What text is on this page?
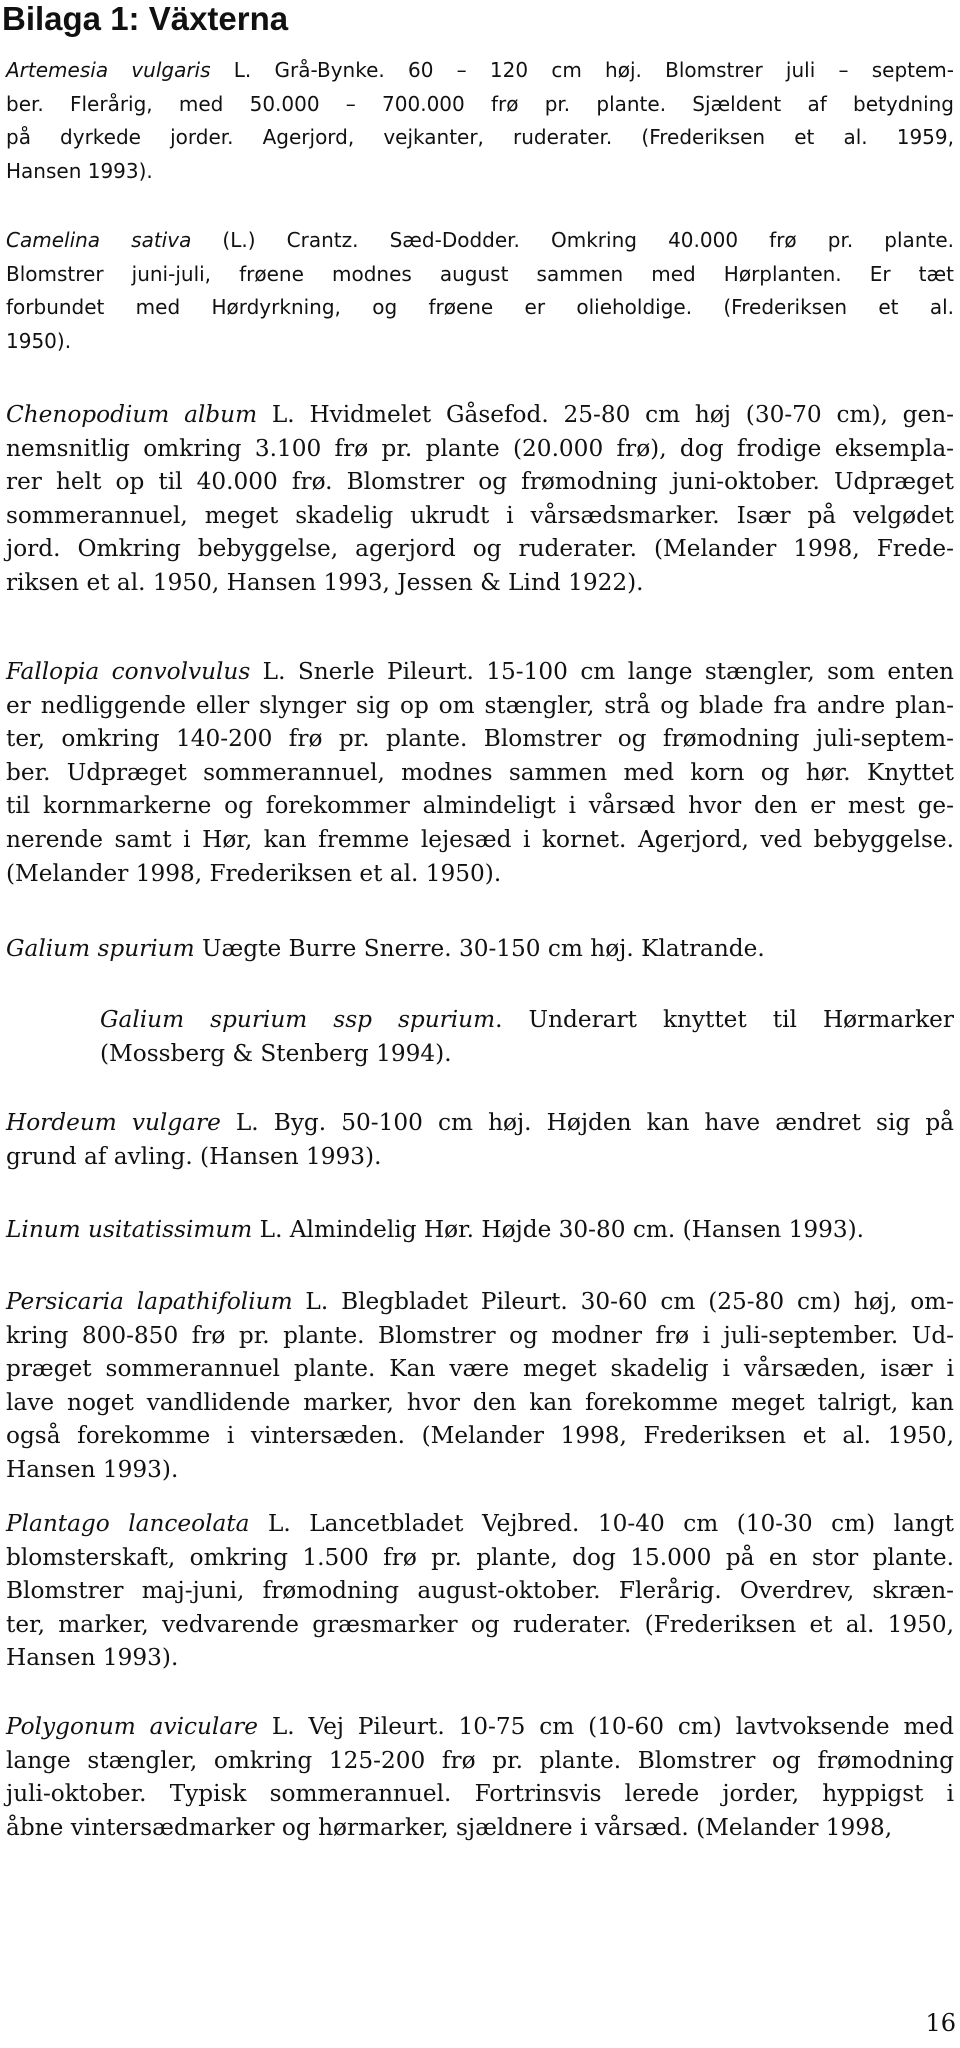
Bilaga 1: Växterna

Artemesia vulgaris L. Grå-Bynke. 60 – 120 cm høj. Blomstrer juli – septem-
ber. Flerårig, med 50.000 – 700.000 frø pr. plante. Sjældent af betydning
på dyrkede jorder. Agerjord, vejkanter, ruderater. (Frederiksen et al. 1959,
Hansen 1993).

Camelina sativa (L.) Crantz. Sæd-Dodder. Omkring 40.000 frø pr. plante.
Blomstrer juni-juli, frøene modnes august sammen med Hørplanten. Er tæt
forbundet med Hørdyrkning, og frøene er olieholdige. (Frederiksen et al.
1950).

Chenopodium album L. Hvidmelet Gåsefod. 25-80 cm høj (30-70 cm), gen-
nemsnitlig omkring 3.100 frø pr. plante (20.000 frø), dog frodige eksempla-
rer helt op til 40.000 frø. Blomstrer og frømodning juni-oktober. Udpræget
sommerannuel, meget skadelig ukrudt i vårsædsmarker. Især på velgødet
jord. Omkring bebyggelse, agerjord og ruderater. (Melander 1998, Frede-
riksen et al. 1950, Hansen 1993, Jessen & Lind 1922).

Fallopia convolvulus L. Snerle Pileurt. 15-100 cm lange stængler, som enten
er nedliggende eller slynger sig op om stængler, strå og blade fra andre plan-
ter, omkring 140-200 frø pr. plante. Blomstrer og frømodning juli-septem-
ber. Udpræget sommerannuel, modnes sammen med korn og hør. Knyttet
til kornmarkerne og forekommer almindeligt i vårsæd hvor den er mest ge-
nerende samt i Hør, kan fremme lejesæd i kornet. Agerjord, ved bebyggelse.
(Melander 1998, Frederiksen et al. 1950).

Galium spurium Uægte Burre Snerre. 30-150 cm høj. Klatrande.

Galium spurium ssp spurium. Underart knyttet til Hørmarker
(Mossberg & Stenberg 1994).

Hordeum vulgare L. Byg. 50-100 cm høj. Højden kan have ændret sig på
grund af avling. (Hansen 1993).

Linum usitatissimum L. Almindelig Hør. Højde 30-80 cm. (Hansen 1993).

Persicaria lapathifolium L. Blegbladet Pileurt. 30-60 cm (25-80 cm) høj, om-
kring 800-850 frø pr. plante. Blomstrer og modner frø i juli-september. Ud-
præget sommerannuel plante. Kan være meget skadelig i vårsæden, især i
lave noget vandlidende marker, hvor den kan forekomme meget talrigt, kan
også forekomme i vintersæden. (Melander 1998, Frederiksen et al. 1950,
Hansen 1993).

Plantago lanceolata L. Lancetbladet Vejbred. 10-40 cm (10-30 cm) langt
blomsterskaft, omkring 1.500 frø pr. plante, dog 15.000 på en stor plante.
Blomstrer maj-juni, frømodning august-oktober. Flerårig. Overdrev, skræn-
ter, marker, vedvarende græsmarker og ruderater. (Frederiksen et al. 1950,
Hansen 1993).

Polygonum aviculare L. Vej Pileurt. 10-75 cm (10-60 cm) lavtvoksende med
lange stængler, omkring 125-200 frø pr. plante. Blomstrer og frømodning
juli-oktober. Typisk sommerannuel. Fortrinsvis lerede jorder, hyppigst i
åbne vintersædmarker og hørmarker, sjældnere i vårsæd. (Melander 1998,

16
